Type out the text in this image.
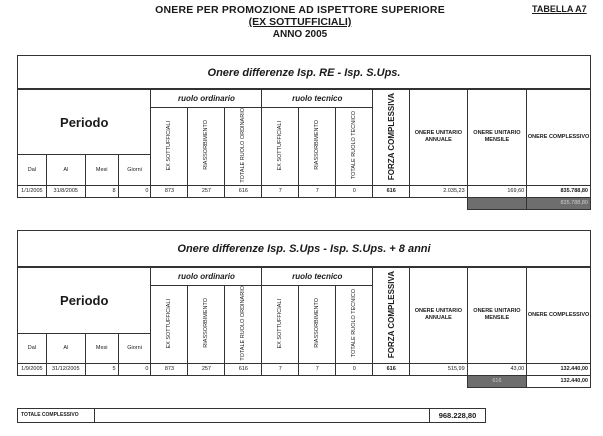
ONERE PER PROMOZIONE AD ISPETTORE SUPERIORE
(EX SOTTUFFICIALI)
ANNO 2005
TABELLA A7
Onere differenze Isp. RE - Isp. S.Ups.
Periodo				ruolo ordinario			ruolo tecnico			FORZA COMPLESSIVA	ONERE UNITARIO ANNUALE	ONERE UNITARIO MENSILE	ONERE COMPLESSIVO
				EX SOTTUFFICIALI	RIASSORBIMENTO	TOTALE RUOLO ORDINARIO	EX SOTTUFFICIALI	RIASSORBIMENTO	TOTALE RUOLO TECNICO				

Dal	Al	Mesi	Giorni										
1/1/2005	31/8/2005	8	0	873	257	616	7	7	0	616	2.035,23	169,60	835.788,80
													835.788,80
Onere differenze Isp. S.Ups - Isp. S.Ups. + 8 anni
Periodo				ruolo ordinario			ruolo tecnico			FORZA COMPLESSIVA	ONERE UNITARIO ANNUALE	ONERE UNITARIO MENSILE	ONERE COMPLESSIVO
				EX SOTTUFFICIALI	RIASSORBIMENTO	TOTALE RUOLO ORDINARIO	EX SOTTUFFICIALI	RIASSORBIMENTO	TOTALE RUOLO TECNICO				

Dal	Al	Mesi	Giorni										
1/9/2005	31/12/2005	5	0	873	257	616	7	7	0	616	515,99	43,00	132.440,00
												616	132.440,00
TOTALE COMPLESSIVO	968.228,80
